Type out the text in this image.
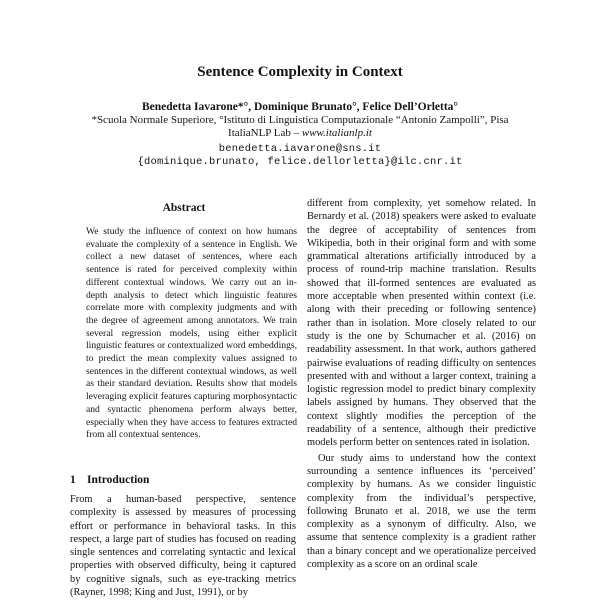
Sentence Complexity in Context
Benedetta Iavarone*°, Dominique Brunato°, Felice Dell’Orletta°
*Scuola Normale Superiore, °Istituto di Linguistica Computazionale “Antonio Zampolli”, Pisa
ItaliaNLP Lab – www.italianlp.it
benedetta.iavarone@sns.it
{dominique.brunato, felice.dellorletta}@ilc.cnr.it
Abstract
We study the influence of context on how humans evaluate the complexity of a sentence in English. We collect a new dataset of sentences, where each sentence is rated for perceived complexity within different contextual windows. We carry out an in-depth analysis to detect which linguistic features correlate more with complexity judgments and with the degree of agreement among annotators. We train several regression models, using either explicit linguistic features or contextualized word embeddings, to predict the mean complexity values assigned to sentences in the different contextual windows, as well as their standard deviation. Results show that models leveraging explicit features capturing morphosyntactic and syntactic phenomena perform always better, especially when they have access to features extracted from all contextual sentences.
1 Introduction
From a human-based perspective, sentence complexity is assessed by measures of processing effort or performance in behavioral tasks. In this respect, a large part of studies has focused on reading single sentences and correlating syntactic and lexical properties with observed difficulty, being it captured by cognitive signals, such as eye-tracking metrics (Rayner, 1998; King and Just, 1991), or by

different from complexity, yet somehow related. In Bernardy et al. (2018) speakers were asked to evaluate the degree of acceptability of sentences from Wikipedia, both in their original form and with some grammatical alterations artificially introduced by a process of round-trip machine translation. Results showed that ill-formed sentences are evaluated as more acceptable when presented within context (i.e. along with their preceding or following sentence) rather than in isolation. More closely related to our study is the one by Schumacher et al. (2016) on readability assessment. In that work, authors gathered pairwise evaluations of reading difficulty on sentences presented with and without a larger context, training a logistic regression model to predict binary complexity labels assigned by humans. They observed that the context slightly modifies the perception of the readability of a sentence, although their predictive models perform better on sentences rated in isolation.

Our study aims to understand how the context surrounding a sentence influences its ‘perceived’ complexity by humans. As we consider linguistic complexity from the individual’s perspective, following Brunato et al. 2018, we use the term complexity as a synonym of difficulty. Also, we assume that sentence complexity is a gradient rather than a binary concept and we operationalize perceived complexity as a score on an ordinal scale
